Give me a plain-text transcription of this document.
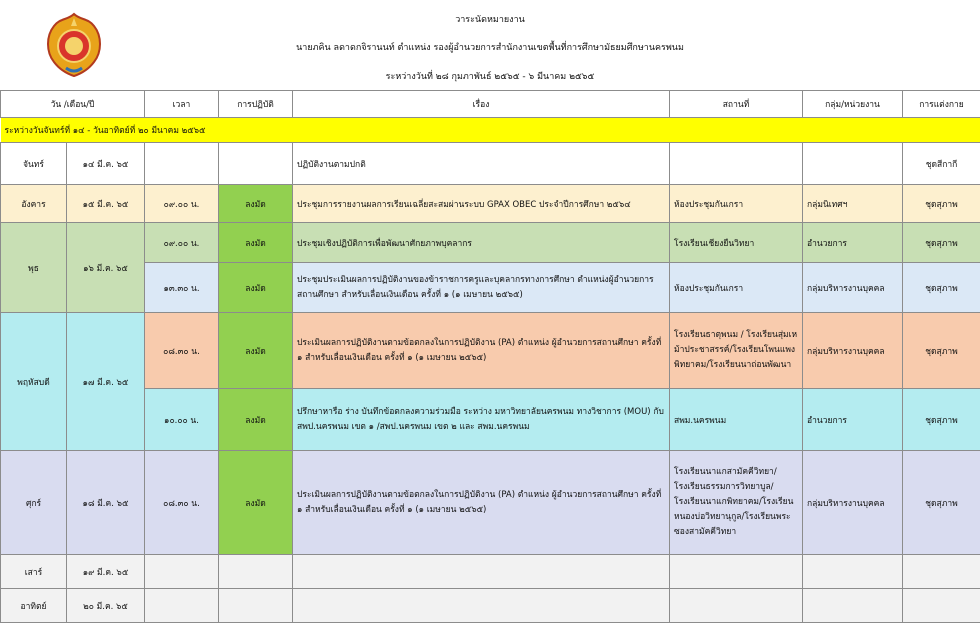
วาระนัดหมายงาน
นายภคิน ลดาดกจิรานนท์ ตำแหน่ง รองผู้อำนวยการสำนักงานเขตพื้นที่การศึกษามัธยมศึกษานครพนม
ระหว่างวันที่ ๒๘ กุมภาพันธ์ ๒๕๖๕ - ๖ มีนาคม ๒๕๖๕
วัน /เดือน/ปี		เวลา	การปฏิบัติ	เรื่อง	สถานที่	กลุ่ม/หน่วยงาน	การแต่งกาย
ระหว่างวันจันทร์ที่ ๑๔ - วันอาทิตย์ที่ ๒๐ มีนาคม ๒๕๖๕							
จันทร์	๑๔ มี.ค. ๖๕			ปฏิบัติงานตามปกติ			ชุดสีกากี
อังคาร	๑๕ มี.ค. ๖๕	๐๙.๐๐ น.	ลงมัด	ประชุมการรายงานผลการเรียนเฉลี่ยสะสมผ่านระบบ GPAX OBEC ประจำปีการศึกษา ๒๕๖๔	ห้องประชุมกันเกรา	กลุ่มนิเทศฯ	ชุดสุภาพ
พุธ	๑๖ มี.ค. ๖๕	๐๙.๐๐ น.	ลงมัด	ประชุมเชิงปฏิบัติการเพื่อพัฒนาศักยภาพบุคลากร	โรงเรียนเชียงยืนวิทยา	อำนวยการ	ชุดสุภาพ
		๑๓.๓๐ น.	ลงมัด	ประชุมประเมินผลการปฏิบัติงานของข้าราชการครูและบุคลากรทางการศึกษา ตำแหน่งผู้อำนวยการสถานศึกษา สำหรับเลื่อนเงินเดือน ครั้งที่ ๑ (๑ เมษายน ๒๕๖๕)	ห้องประชุมกันเกรา	กลุ่มบริหารงานบุคคล	ชุดสุภาพ
พฤหัสบดี	๑๗ มี.ค. ๖๕	๐๘.๓๐ น.	ลงมัด	ประเมินผลการปฏิบัติงานตามข้อตกลงในการปฏิบัติงาน (PA) ตำแหน่ง ผู้อำนวยการสถานศึกษา ครั้งที่ ๑ สำหรับเลื่อนเงินเดือน ครั้งที่ ๑ (๑ เมษายน ๒๕๖๕)	โรงเรียนธาตุพนม / โรงเรียนสุ่มเหม้าประชาสรรค์/โรงเรียนโพนแพงพิทยาคม/โรงเรียนนาถ่อนพัฒนา	กลุ่มบริหารงานบุคคล	ชุดสุภาพ
		๑๐.๐๐ น.	ลงมัด	ปรึกษาหารือ ร่าง บันทึกข้อตกลงความร่วมมือ ระหว่าง มหาวิทยาลัยนครพนม ทางวิชาการ (MOU) กับ สพป.นครพนม เขต ๑ /สพป.นครพนม เขต ๒ และ สพม.นครพนม	สพม.นครพนม	อำนวยการ	ชุดสุภาพ
ศุกร์	๑๘ มี.ค. ๖๕	๐๘.๓๐ น.	ลงมัด	ประเมินผลการปฏิบัติงานตามข้อตกลงในการปฏิบัติงาน (PA) ตำแหน่ง ผู้อำนวยการสถานศึกษา ครั้งที่ ๑ สำหรับเลื่อนเงินเดือน ครั้งที่ ๑ (๑ เมษายน ๒๕๖๕)	โรงเรียนนาแกสามัคคีวิทยา/โรงเรียนธรรมการวิทยาบูล/โรงเรียนนาแกพิทยาคม/โรงเรียนหนองบ่อวิทยานุกูล/โรงเรียนพระซองสามัคคีวิทยา	กลุ่มบริหารงานบุคคล	ชุดสุภาพ
เสาร์	๑๙ มี.ค. ๖๕						
อาทิตย์	๒๐ มี.ค. ๖๕						
